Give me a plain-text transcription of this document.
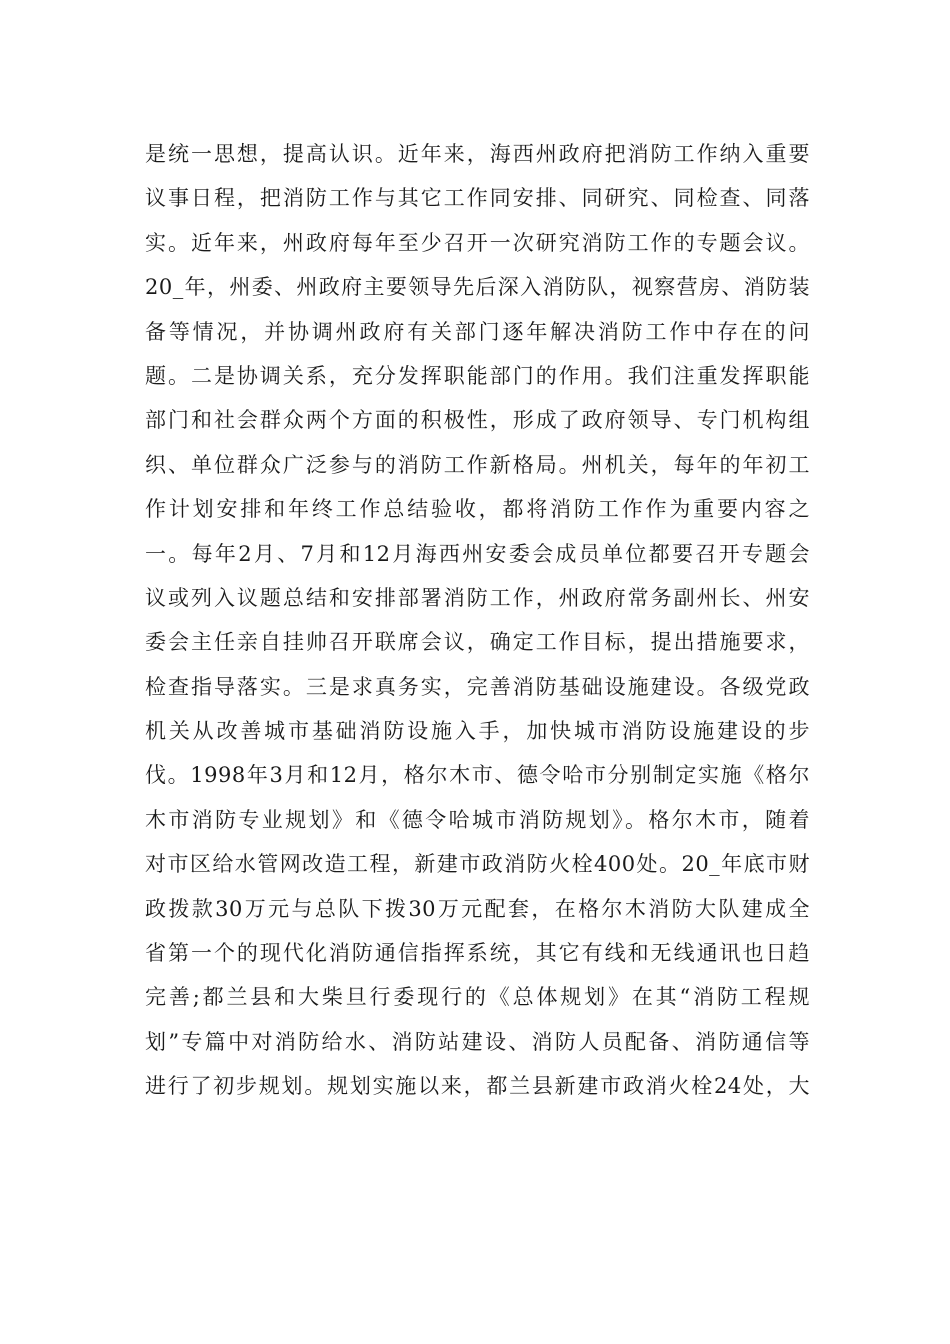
是统一思想，提高认识。近年来，海西州政府把消防工作纳入重要
议事日程，把消防工作与其它工作同安排、同研究、同检查、同落
实。近年来，州政府每年至少召开一次研究消防工作的专题会议。
20_年，州委、州政府主要领导先后深入消防队，视察营房、消防装
备等情况，并协调州政府有关部门逐年解决消防工作中存在的问
题。二是协调关系，充分发挥职能部门的作用。我们注重发挥职能
部门和社会群众两个方面的积极性，形成了政府领导、专门机构组
织、单位群众广泛参与的消防工作新格局。州机关，每年的年初工
作计划安排和年终工作总结验收，都将消防工作作为重要内容之
一。每年2月、7月和12月海西州安委会成员单位都要召开专题会
议或列入议题总结和安排部署消防工作，州政府常务副州长、州安
委会主任亲自挂帅召开联席会议，确定工作目标，提出措施要求，
检查指导落实。三是求真务实，完善消防基础设施建设。各级党政
机关从改善城市基础消防设施入手，加快城市消防设施建设的步
伐。1998年3月和12月，格尔木市、德令哈市分别制定实施《格尔
木市消防专业规划》和《德令哈城市消防规划》。格尔木市，随着
对市区给水管网改造工程，新建市政消防火栓400处。20_年底市财
政拨款30万元与总队下拨30万元配套，在格尔木消防大队建成全
省第一个的现代化消防通信指挥系统，其它有线和无线通讯也日趋
完善;都兰县和大柴旦行委现行的《总体规划》在其“消防工程规
划”专篇中对消防给水、消防站建设、消防人员配备、消防通信等
进行了初步规划。规划实施以来，都兰县新建市政消火栓24处，大
